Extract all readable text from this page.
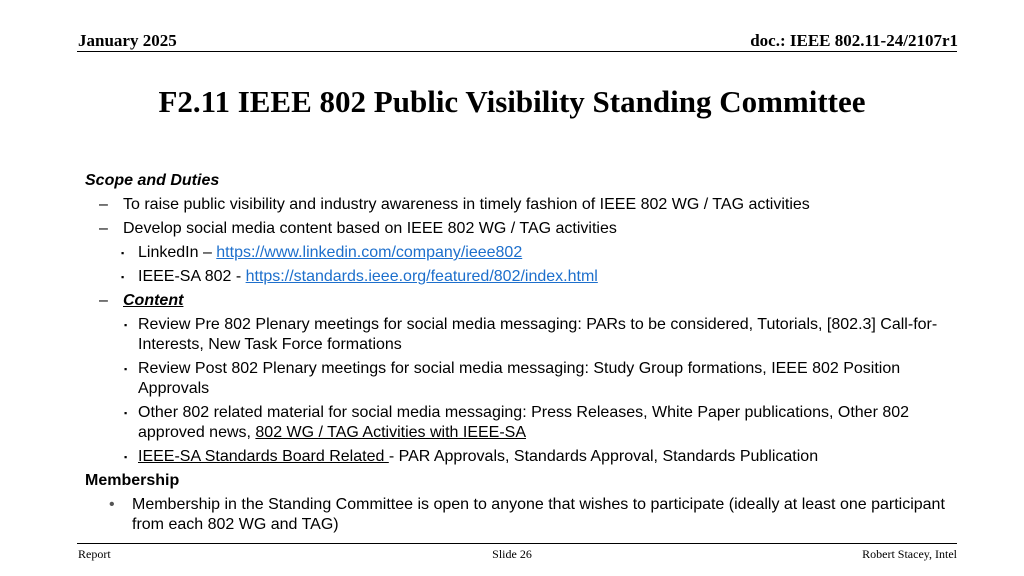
January 2025	doc.: IEEE 802.11-24/2107r1
F2.11 IEEE 802 Public Visibility Standing Committee

Scope and Duties

– To raise public visibility and industry awareness in timely fashion of IEEE 802 WG / TAG activities

– Develop social media content based on IEEE 802 WG / TAG activities

▪ LinkedIn – https://www.linkedin.com/company/ieee802

▪ IEEE-SA 802 - https://standards.ieee.org/featured/802/index.html

– Content

▪ Review Pre 802 Plenary meetings for social media messaging: PARs to be considered, Tutorials, [802.3] Call-for-Interests, New Task Force formations

▪ Review Post 802 Plenary meetings for social media messaging: Study Group formations, IEEE 802 Position Approvals

▪ Other 802 related material for social media messaging: Press Releases, White Paper publications, Other 802 approved news, 802 WG / TAG Activities with IEEE-SA

▪ IEEE-SA Standards Board Related - PAR Approvals, Standards Approval, Standards Publication

Membership

• Membership in the Standing Committee is open to anyone that wishes to participate (ideally at least one participant from each 802 WG and TAG)

Report	Slide 26	Robert Stacey, Intel
